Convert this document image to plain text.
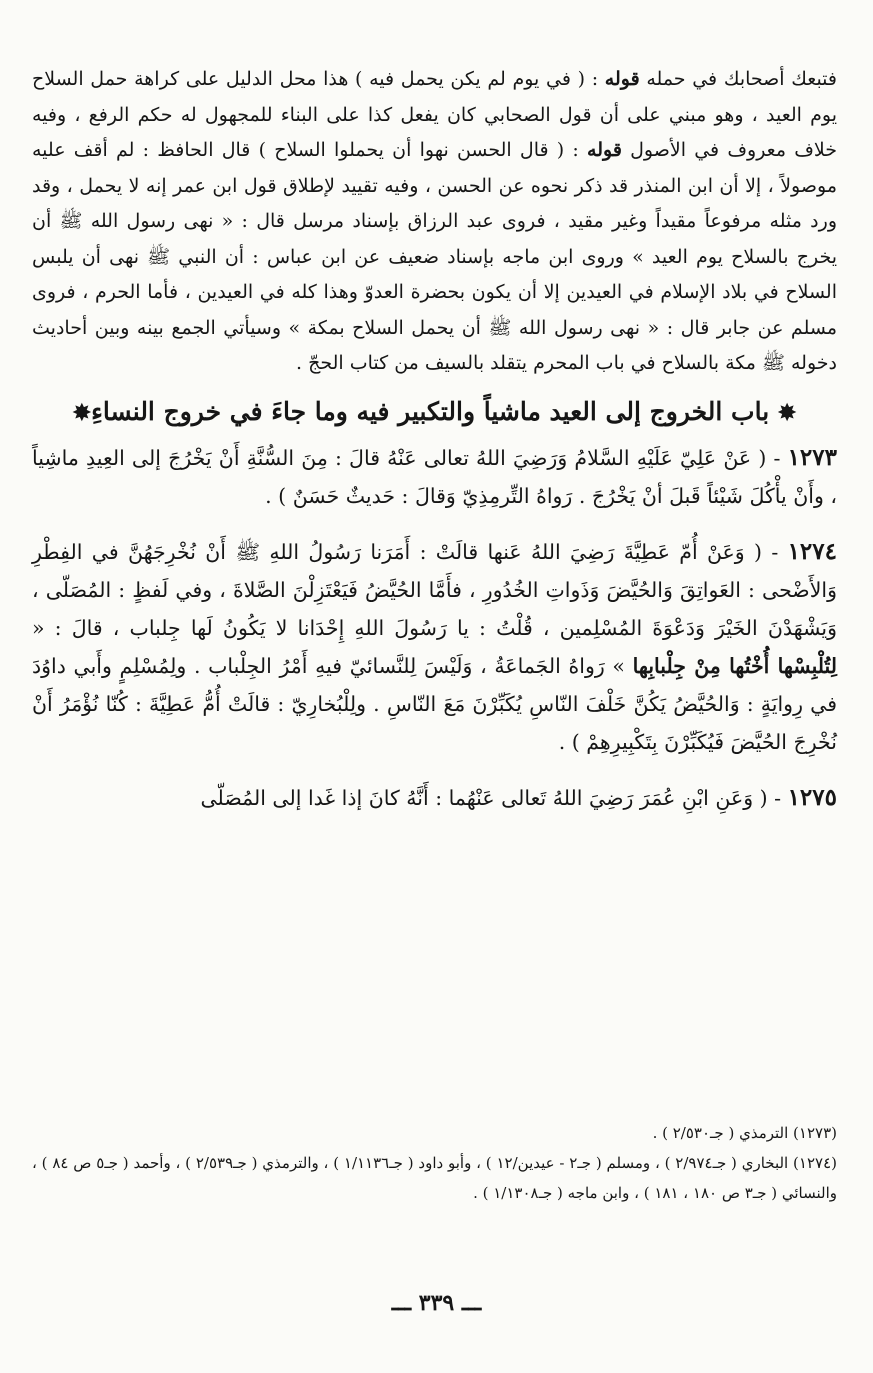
فتبعك أصحابك في حمله قوله : ( في يوم لم يكن يحمل فيه ) هذا محل الدليل على كراهة حمل السلاح يوم العيد ، وهو مبني على أن قول الصحابي كان يفعل كذا على البناء للمجهول له حكم الرفع ، وفيه خلاف معروف في الأصول قوله : ( قال الحسن نهوا أن يحملوا السلاح ) قال الحافظ : لم أقف عليه موصولاً ، إلا أن ابن المنذر قد ذكر نحوه عن الحسن ، وفيه تقييد لإطلاق قول ابن عمر إنه لا يحمل ، وقد ورد مثله مرفوعاً مقيداً وغير مقيد ، فروى عبد الرزاق بإسناد مرسل قال : « نهى رسول الله ﷺ أن يخرج بالسلاح يوم العيد » وروى ابن ماجه بإسناد ضعيف عن ابن عباس : أن النبي ﷺ نهى أن يلبس السلاح في بلاد الإسلام في العيدين إلا أن يكون بحضرة العدوّ وهذا كله في العيدين ، فأما الحرم ، فروى مسلم عن جابر قال : « نهى رسول الله ﷺ أن يحمل السلاح بمكة » وسيأتي الجمع بينه وبين أحاديث دخوله ﷺ مكة بالسلاح في باب المحرم يتقلد بالسيف من كتاب الحجّ .

✸ باب الخروج إلى العيد ماشياً والتكبير فيه وما جاءَ في خروج النساءِ✸

١٢٧٣ - ( عَنْ عَلِيّ عَلَيْهِ السَّلامُ وَرَضِيَ اللهُ تعالى عَنْهُ قالَ : مِنَ السُّنَّةِ أَنْ يَخْرُجَ إلى العِيدِ ماشِياً ، وأَنْ يأْكُلَ شَيْئاً قَبلَ أنْ يَخْرُجَ . رَواهُ التِّرمِذِيّ وَقالَ : حَديثٌ حَسَنٌ ) .

١٢٧٤ - ( وَعَنْ أُمّ عَطِيَّةَ رَضِيَ اللهُ عَنها قالَتْ : أَمَرَنا رَسُولُ اللهِ ﷺ أَنْ نُخْرِجَهُنَّ في الفِطْرِ وَالأَضْحى : العَواتِقَ وَالحُيَّضَ وَذَواتِ الخُدُورِ ، فأَمَّا الحُيَّضُ فَيَعْتَزِلْنَ الصَّلاةَ ، وفي لَفظٍ : المُصَلّى ، وَيَشْهَدْنَ الخَيْرَ وَدَعْوَةَ المُسْلِمين ، قُلْتُ : يا رَسُولَ اللهِ إِحْدَانا لا يَكُونُ لَها جِلباب ، قالَ : « لِتُلْبِسْها أُخْتُها مِنْ جِلْبابِها » رَواهُ الجَماعَةُ ، وَلَيْسَ لِلنَّسائيّ فيهِ أَمْرُ الجِلْباب . ولِمُسْلِمٍ وأَبي داوُدَ في رِوايَةٍ : وَالحُيَّضُ يَكُنَّ خَلْفَ النّاسِ يُكَبِّرْنَ مَعَ النّاسِ . ولِلْبُخارِيّ : قالَتْ أُمُّ عَطِيَّةَ : كُنّا نُؤْمَرُ أَنْ نُخْرِجَ الحُيَّضَ فَيُكَبِّرْنَ بِتَكْبِيرِهِمْ ) .

١٢٧٥ - ( وَعَنِ ابْنِ عُمَرَ رَضِيَ اللهُ تَعالى عَنْهُما : أَنَّهُ كانَ إذا غَدا إلى المُصَلّى

(١٢٧٣) الترمذي ( جـ٢/٥٣٠ ) .

(١٢٧٤) البخاري ( جـ٢/٩٧٤ ) ، ومسلم ( جـ٢ - عيدين/١٢ ) ، وأبو داود ( جـ١/١١٣٦ ) ، والترمذي ( جـ٢/٥٣٩ ) ، وأحمد ( جـ٥ ص ٨٤ ) ، والنسائي ( جـ٣ ص ١٨٠ ، ١٨١ ) ، وابن ماجه ( جـ١/١٣٠٨ ) .

ـــ ٣٣٩ ـــ
